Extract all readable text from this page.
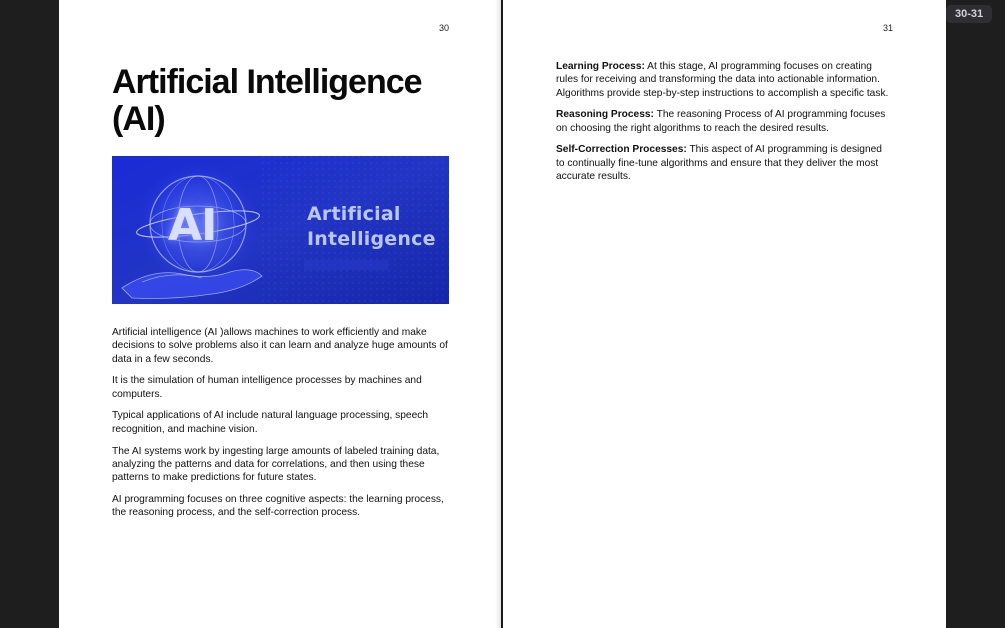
30
Artificial Intelligence (AI)
AI	Artificial
Intelligence

Artificial intelligence (AI )allows machines to work efficiently and make decisions to solve problems also it can learn and analyze huge amounts of data in a few seconds.

It is the simulation of human intelligence processes by machines and computers.

Typical applications of AI include natural language processing, speech recognition, and machine vision.

The AI systems work by ingesting large amounts of labeled training data, analyzing the patterns and data for correlations, and then using these patterns to make predictions for future states.

AI programming focuses on three cognitive aspects: the learning process, the reasoning process, and the self-correction process.

31

Learning Process: At this stage, AI programming focuses on creating rules for receiving and transforming the data into actionable information. Algorithms provide step-by-step instructions to accomplish a specific task.

Reasoning Process: The reasoning Process of AI programming focuses on choosing the right algorithms to reach the desired results.

Self-Correction Processes: This aspect of AI programming is designed to continually fine-tune algorithms and ensure that they deliver the most accurate results.

30-31
